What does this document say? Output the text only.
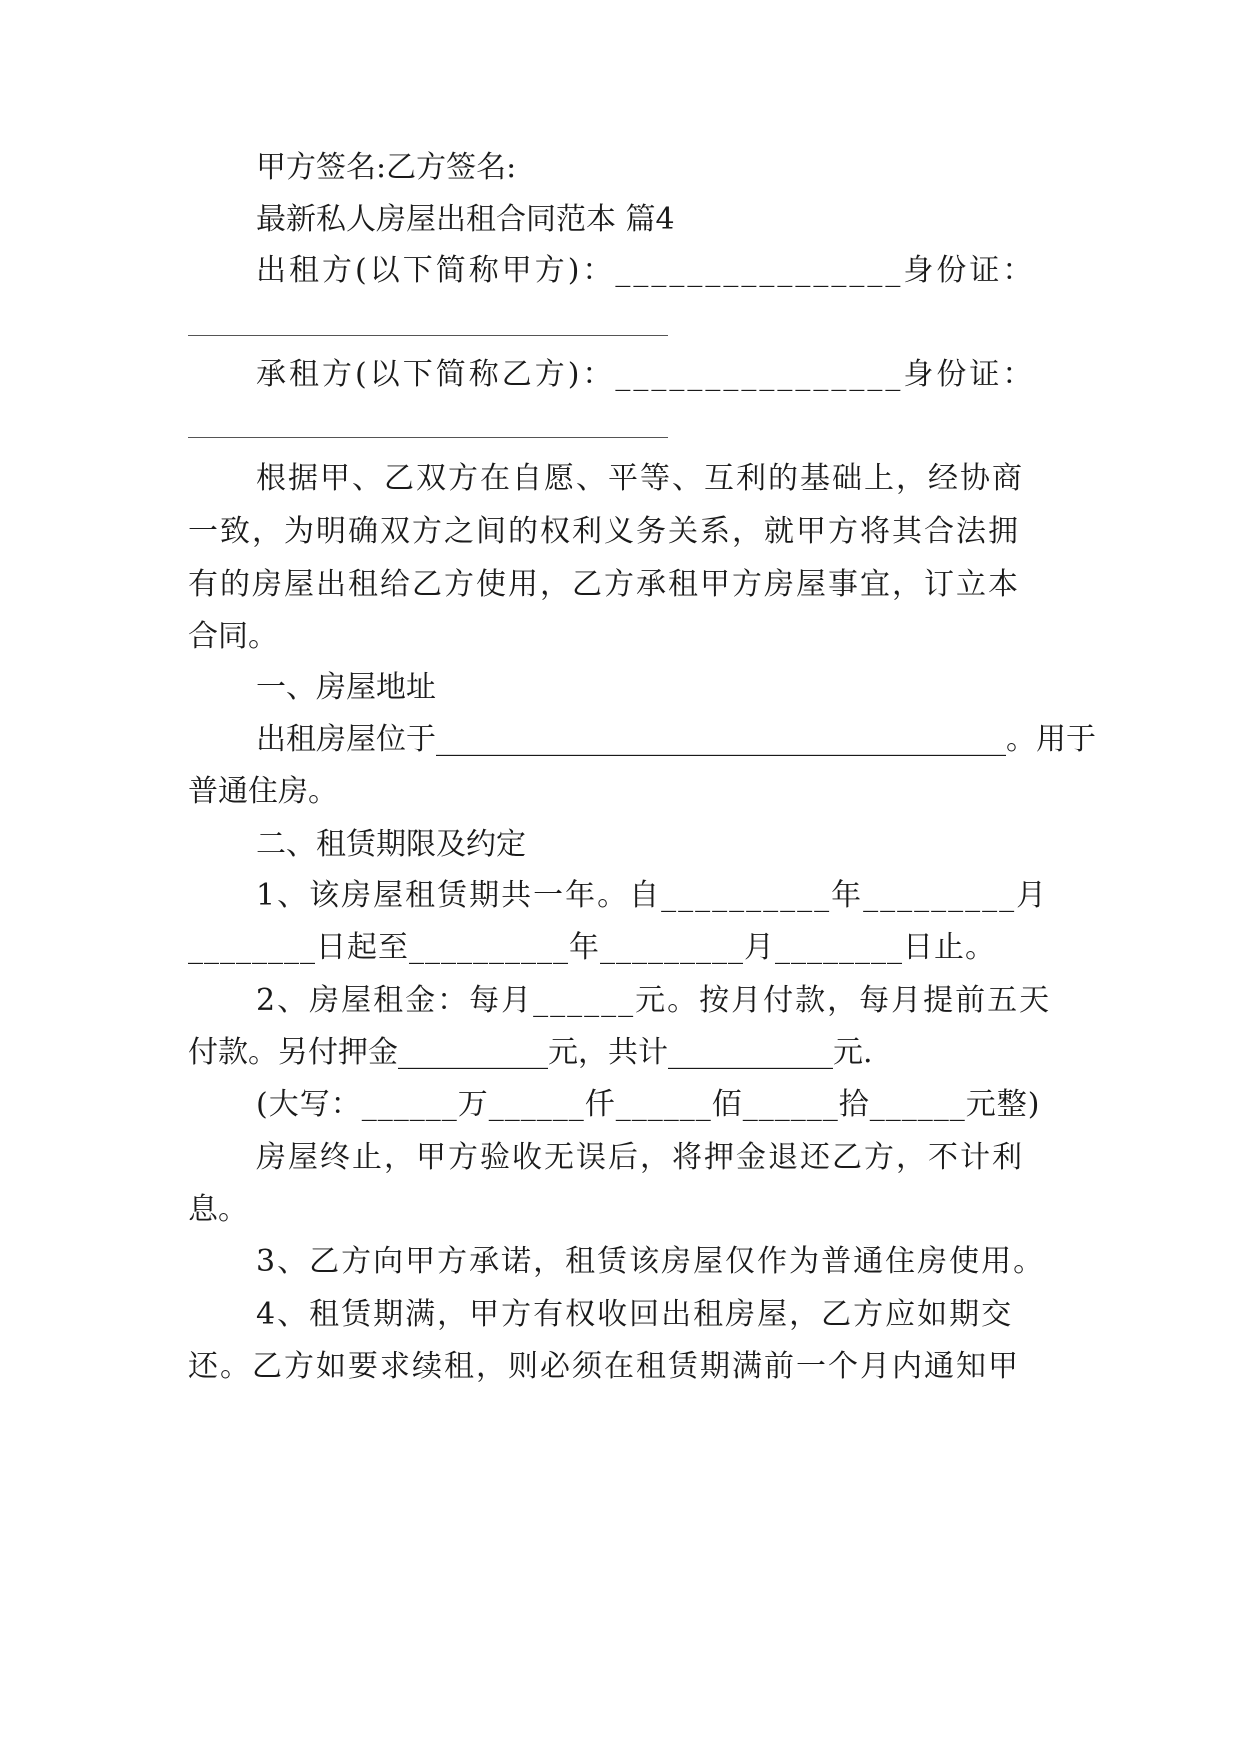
甲方签名:乙方签名:
最新私人房屋出租合同范本 篇4
出租方(以下简称甲方)：________________身份证：
承租方(以下简称乙方)：________________身份证：
根据甲、乙双方在自愿、平等、互利的基础上，经协商
一致，为明确双方之间的权利义务关系，就甲方将其合法拥
有的房屋出租给乙方使用，乙方承租甲方房屋事宜，订立本
合同。
一、房屋地址
出租房屋位于______________________________________。用于
普通住房。
二、租赁期限及约定
1、该房屋租赁期共一年。自__________年_________月
________日起至__________年_________月________日止。
2、房屋租金：每月______元。按月付款，每月提前五天
付款。另付押金__________元，共计___________元.
(大写：______万______仟______佰______拾______元整)
房屋终止，甲方验收无误后，将押金退还乙方，不计利
息。
3、乙方向甲方承诺，租赁该房屋仅作为普通住房使用。
4、租赁期满，甲方有权收回出租房屋，乙方应如期交
还。乙方如要求续租，则必须在租赁期满前一个月内通知甲
